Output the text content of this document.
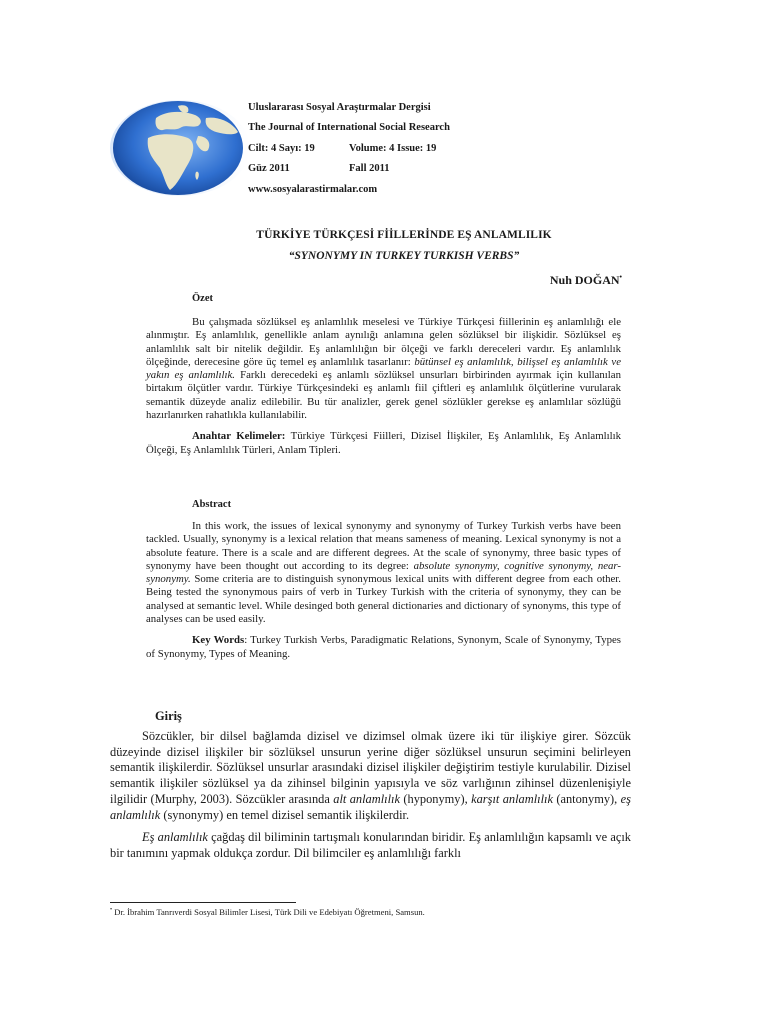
Uluslararası Sosyal Araştırmalar Dergisi
The Journal of International Social Research
Cilt: 4 Sayı: 19	Volume: 4 Issue: 19
Güz 2011	Fall 2011
www.sosyalarastirmalar.com
TÜRKİYE TÜRKÇESİ FİİLLERİNDE EŞ ANLAMLILIK
“SYNONYMY IN TURKEY TURKISH VERBS”
Nuh DOĞAN•
Özet

Bu çalışmada sözlüksel eş anlamlılık meselesi ve Türkiye Türkçesi fiillerinin eş anlamlılığı ele alınmıştır. Eş anlamlılık, genellikle anlam aynılığı anlamına gelen sözlüksel bir ilişkidir. Sözlüksel eş anlamlılık salt bir nitelik değildir. Eş anlamlılığın bir ölçeği ve farklı dereceleri vardır. Eş anlamlılık ölçeğinde, derecesine göre üç temel eş anlamlılık tasarlanır: bütünsel eş anlamlılık, bilişsel eş anlamlılık ve yakın eş anlamlılık. Farklı derecedeki eş anlamlı sözlüksel unsurları birbirinden ayırmak için kullanılan birtakım ölçütler vardır. Türkiye Türkçesindeki eş anlamlı fiil çiftleri eş anlamlılık ölçütlerine vurularak semantik düzeyde analiz edilebilir. Bu tür analizler, gerek genel sözlükler gerekse eş anlamlılar sözlüğü hazırlanırken rahatlıkla kullanılabilir.

Anahtar Kelimeler: Türkiye Türkçesi Fiilleri, Dizisel İlişkiler, Eş Anlamlılık, Eş Anlamlılık Ölçeği, Eş Anlamlılık Türleri, Anlam Tipleri.

Abstract

In this work, the issues of lexical synonymy and synonymy of Turkey Turkish verbs have been tackled. Usually, synonymy is a lexical relation that means sameness of meaning. Lexical synonymy is not a absolute feature. There is a scale and are different degrees. At the scale of synonymy, three basic types of synonymy have been thought out according to its degree: absolute synonymy, cognitive synonymy, near-synonymy. Some criteria are to distinguish synonymous lexical units with different degree from each other. Being tested the synonymous pairs of verb in Turkey Turkish with the criteria of synonymy, they can be analysed at semantic level. While desinged both general dictionaries and dictionary of synonyms, this type of analyses can be used easily.

Key Words: Turkey Turkish Verbs, Paradigmatic Relations, Synonym, Scale of Synonymy, Types of Synonymy, Types of Meaning.

Giriş

Sözcükler, bir dilsel bağlamda dizisel ve dizimsel olmak üzere iki tür ilişkiye girer. Sözcük düzeyinde dizisel ilişkiler bir sözlüksel unsurun yerine diğer sözlüksel unsurun seçimini belirleyen semantik ilişkilerdir. Sözlüksel unsurlar arasındaki dizisel ilişkiler değiştirim testiyle kurulabilir. Dizisel semantik ilişkiler sözlüksel ya da zihinsel bilginin yapısıyla ve söz varlığının zihinsel düzenlenişiyle ilgilidir (Murphy, 2003). Sözcükler arasında alt anlamlılık (hyponymy), karşıt anlamlılık (antonymy), eş anlamlılık (synonymy) en temel dizisel semantik ilişkilerdir.

Eş anlamlılık çağdaş dil biliminin tartışmalı konularından biridir. Eş anlamlılığın kapsamlı ve açık bir tanımını yapmak oldukça zordur. Dil bilimciler eş anlamlılığı farklı

• Dr. İbrahim Tanrıverdi Sosyal Bilimler Lisesi, Türk Dili ve Edebiyatı Öğretmeni, Samsun.
